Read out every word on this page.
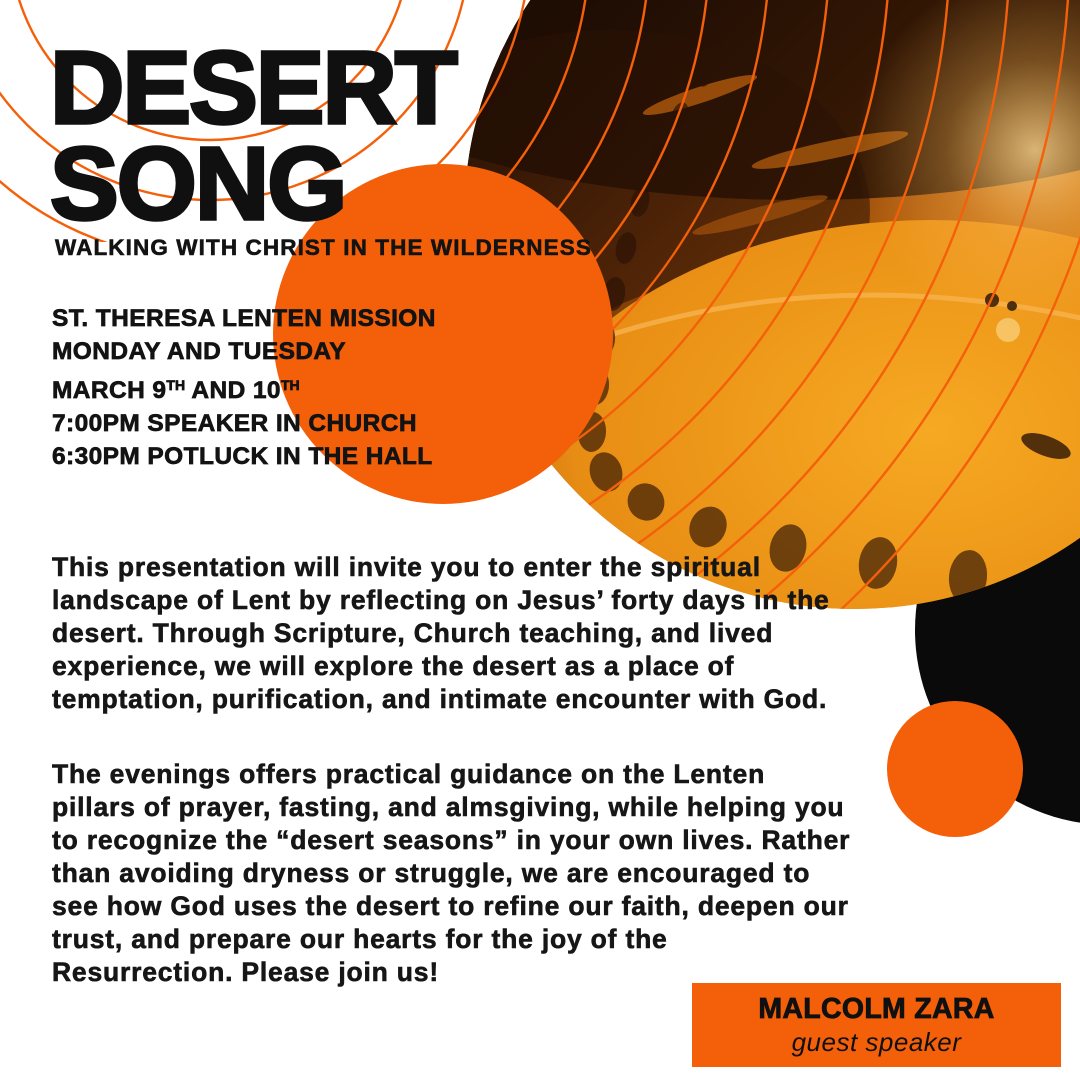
DESERT
SONG
WALKING WITH CHRIST IN THE WILDERNESS
ST. THERESA LENTEN MISSION
MONDAY AND TUESDAY
MARCH 9TH AND 10TH
7:00PM SPEAKER IN CHURCH
6:30PM POTLUCK IN THE HALL
This presentation will invite you to enter the spiritual
landscape of Lent by reflecting on Jesus’ forty days in the
desert. Through Scripture, Church teaching, and lived
experience, we will explore the desert as a place of
temptation, purification, and intimate encounter with God.
The evenings offers practical guidance on the Lenten
pillars of prayer, fasting, and almsgiving, while helping you
to recognize the “desert seasons” in your own lives. Rather
than avoiding dryness or struggle, we are encouraged to
see how God uses the desert to refine our faith, deepen our
trust, and prepare our hearts for the joy of the
Resurrection. Please join us!
MALCOLM ZARA
guest speaker
